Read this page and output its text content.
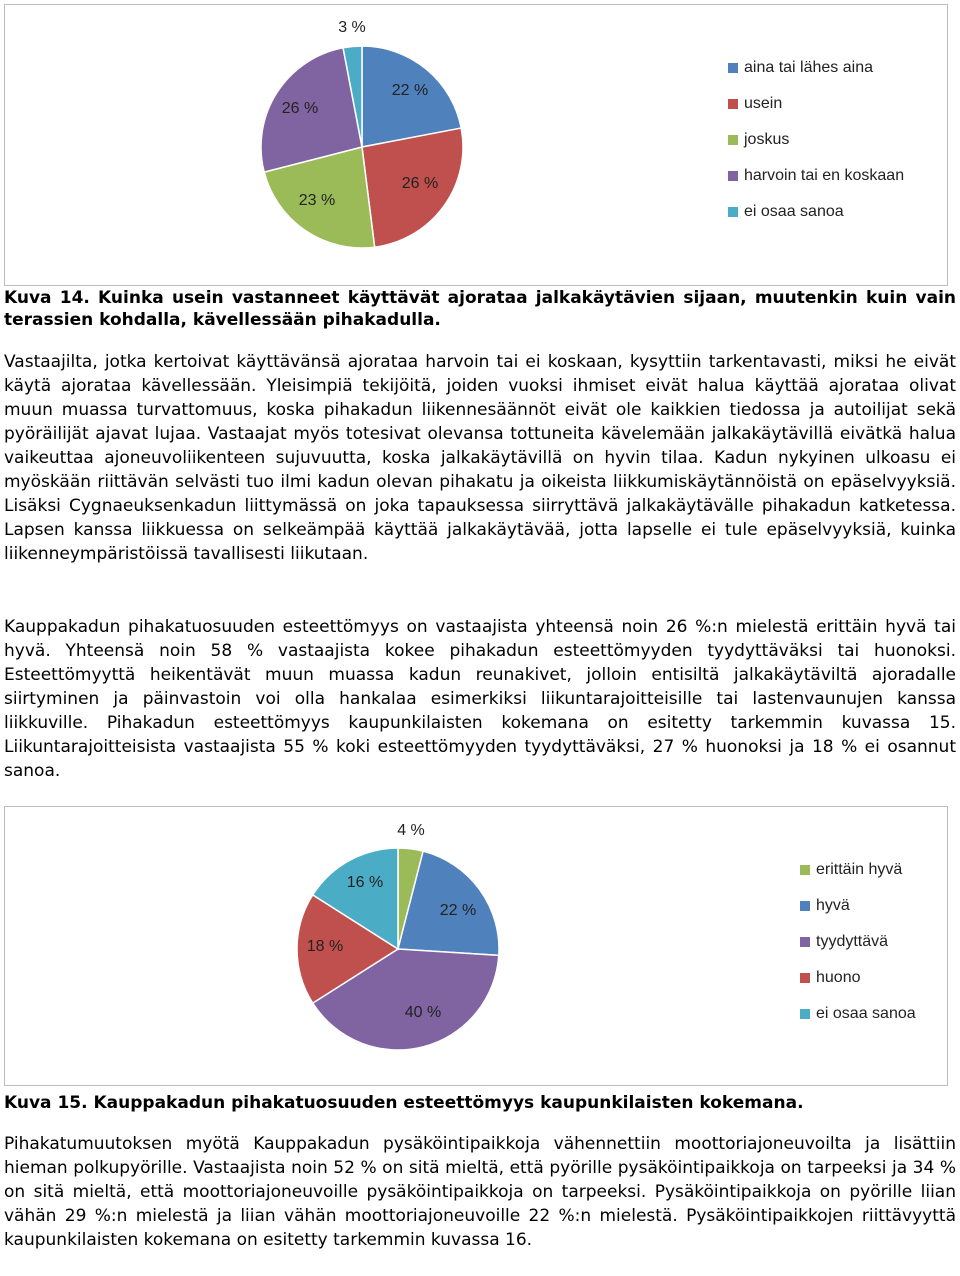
22 %
26 %
23 %
26 %
3 %
aina tai lähes aina
usein
joskus
harvoin tai en koskaan
ei osaa sanoa

Kuva 14. Kuinka usein vastanneet käyttävät ajorataa jalkakäytävien sijaan, muutenkin kuin vain terassien kohdalla, kävellessään pihakadulla.

Vastaajilta, jotka kertoivat käyttävänsä ajorataa harvoin tai ei koskaan, kysyttiin tarkentavasti, miksi he eivät käytä ajorataa kävellessään. Yleisimpiä tekijöitä, joiden vuoksi ihmiset eivät halua käyttää ajorataa olivat muun muassa turvattomuus, koska pihakadun liikennesäännöt eivät ole kaikkien tiedossa ja autoilijat sekä pyöräilijät ajavat lujaa. Vastaajat myös totesivat olevansa tottuneita kävelemään jalkakäytävillä eivätkä halua vaikeuttaa ajoneuvoliikenteen sujuvuutta, koska jalkakäytävillä on hyvin tilaa. Kadun nykyinen ulkoasu ei myöskään riittävän selvästi tuo ilmi kadun olevan pihakatu ja oikeista liikkumiskäytännöistä on epäselvyyksiä. Lisäksi Cygnaeuksenkadun liittymässä on joka tapauksessa siirryttävä jalkakäytävälle pihakadun katketessa. Lapsen kanssa liikkuessa on selkeämpää käyttää jalkakäytävää, jotta lapselle ei tule epäselvyyksiä, kuinka liikenneympäristöissä tavallisesti liikutaan.

Kauppakadun pihakatuosuuden esteettömyys on vastaajista yhteensä noin 26 %:n mielestä erittäin hyvä tai hyvä. Yhteensä noin 58 % vastaajista kokee pihakadun esteettömyyden tyydyttäväksi tai huonoksi. Esteettömyyttä heikentävät muun muassa kadun reunakivet, jolloin entisiltä jalkakäytäviltä ajoradalle siirtyminen ja päinvastoin voi olla hankalaa esimerkiksi liikuntarajoitteisille tai lastenvaunujen kanssa liikkuville. Pihakadun esteettömyys kaupunkilaisten kokemana on esitetty tarkemmin kuvassa 15. Liikuntarajoitteisista vastaajista 55 % koki esteettömyyden tyydyttäväksi, 27 % huonoksi ja 18 % ei osannut sanoa.

4 %
22 %
40 %
18 %
16 %
erittäin hyvä
hyvä
tyydyttävä
huono
ei osaa sanoa

Kuva 15. Kauppakadun pihakatuosuuden esteettömyys kaupunkilaisten kokemana.

Pihakatumuutoksen myötä Kauppakadun pysäköintipaikkoja vähennettiin moottoriajoneuvoilta ja lisättiin hieman polkupyörille. Vastaajista noin 52 % on sitä mieltä, että pyörille pysäköintipaikkoja on tarpeeksi ja 34 % on sitä mieltä, että moottoriajoneuvoille pysäköintipaikkoja on tarpeeksi. Pysäköintipaikkoja on pyörille liian vähän 29 %:n mielestä ja liian vähän moottoriajoneuvoille 22 %:n mielestä. Pysäköintipaikkojen riittävyyttä kaupunkilaisten kokemana on esitetty tarkemmin kuvassa 16.
